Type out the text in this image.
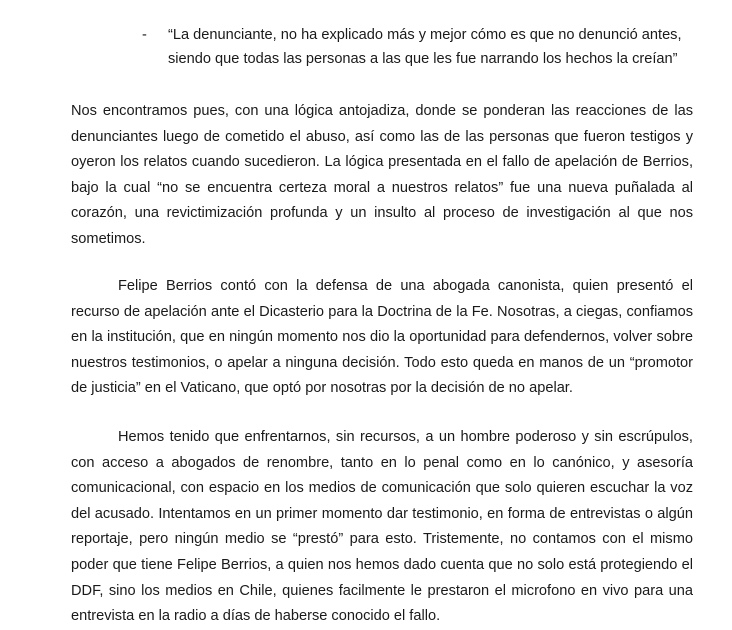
- “La denunciante, no ha explicado más y mejor cómo es que no denunció antes, siendo que todas las personas a las que les fue narrando los hechos la creían”

Nos encontramos pues, con una lógica antojadiza, donde se ponderan las reacciones de las denunciantes luego de cometido el abuso, así como las de las personas que fueron testigos y oyeron los relatos cuando sucedieron. La lógica presentada en el fallo de apelación de Berrios, bajo la cual “no se encuentra certeza moral a nuestros relatos” fue una nueva puñalada al corazón, una revictimización profunda y un insulto al proceso de investigación al que nos sometimos.

Felipe Berrios contó con la defensa de una abogada canonista, quien presentó el recurso de apelación ante el Dicasterio para la Doctrina de la Fe. Nosotras, a ciegas, confiamos en la institución, que en ningún momento nos dio la oportunidad para defendernos, volver sobre nuestros testimonios, o apelar a ninguna decisión. Todo esto queda en manos de un “promotor de justicia” en el Vaticano, que optó por nosotras por la decisión de no apelar.

Hemos tenido que enfrentarnos, sin recursos, a un hombre poderoso y sin escrúpulos, con acceso a abogados de renombre, tanto en lo penal como en lo canónico, y asesoría comunicacional, con espacio en los medios de comunicación que solo quieren escuchar la voz del acusado. Intentamos en un primer momento dar testimonio, en forma de entrevistas o algún reportaje, pero ningún medio se “prestó” para esto. Tristemente, no contamos con el mismo poder que tiene Felipe Berrios, a quien nos hemos dado cuenta que no solo está protegiendo el DDF, sino los medios en Chile, quienes facilmente le prestaron el microfono en vivo para una entrevista en la radio a días de haberse conocido el fallo.
